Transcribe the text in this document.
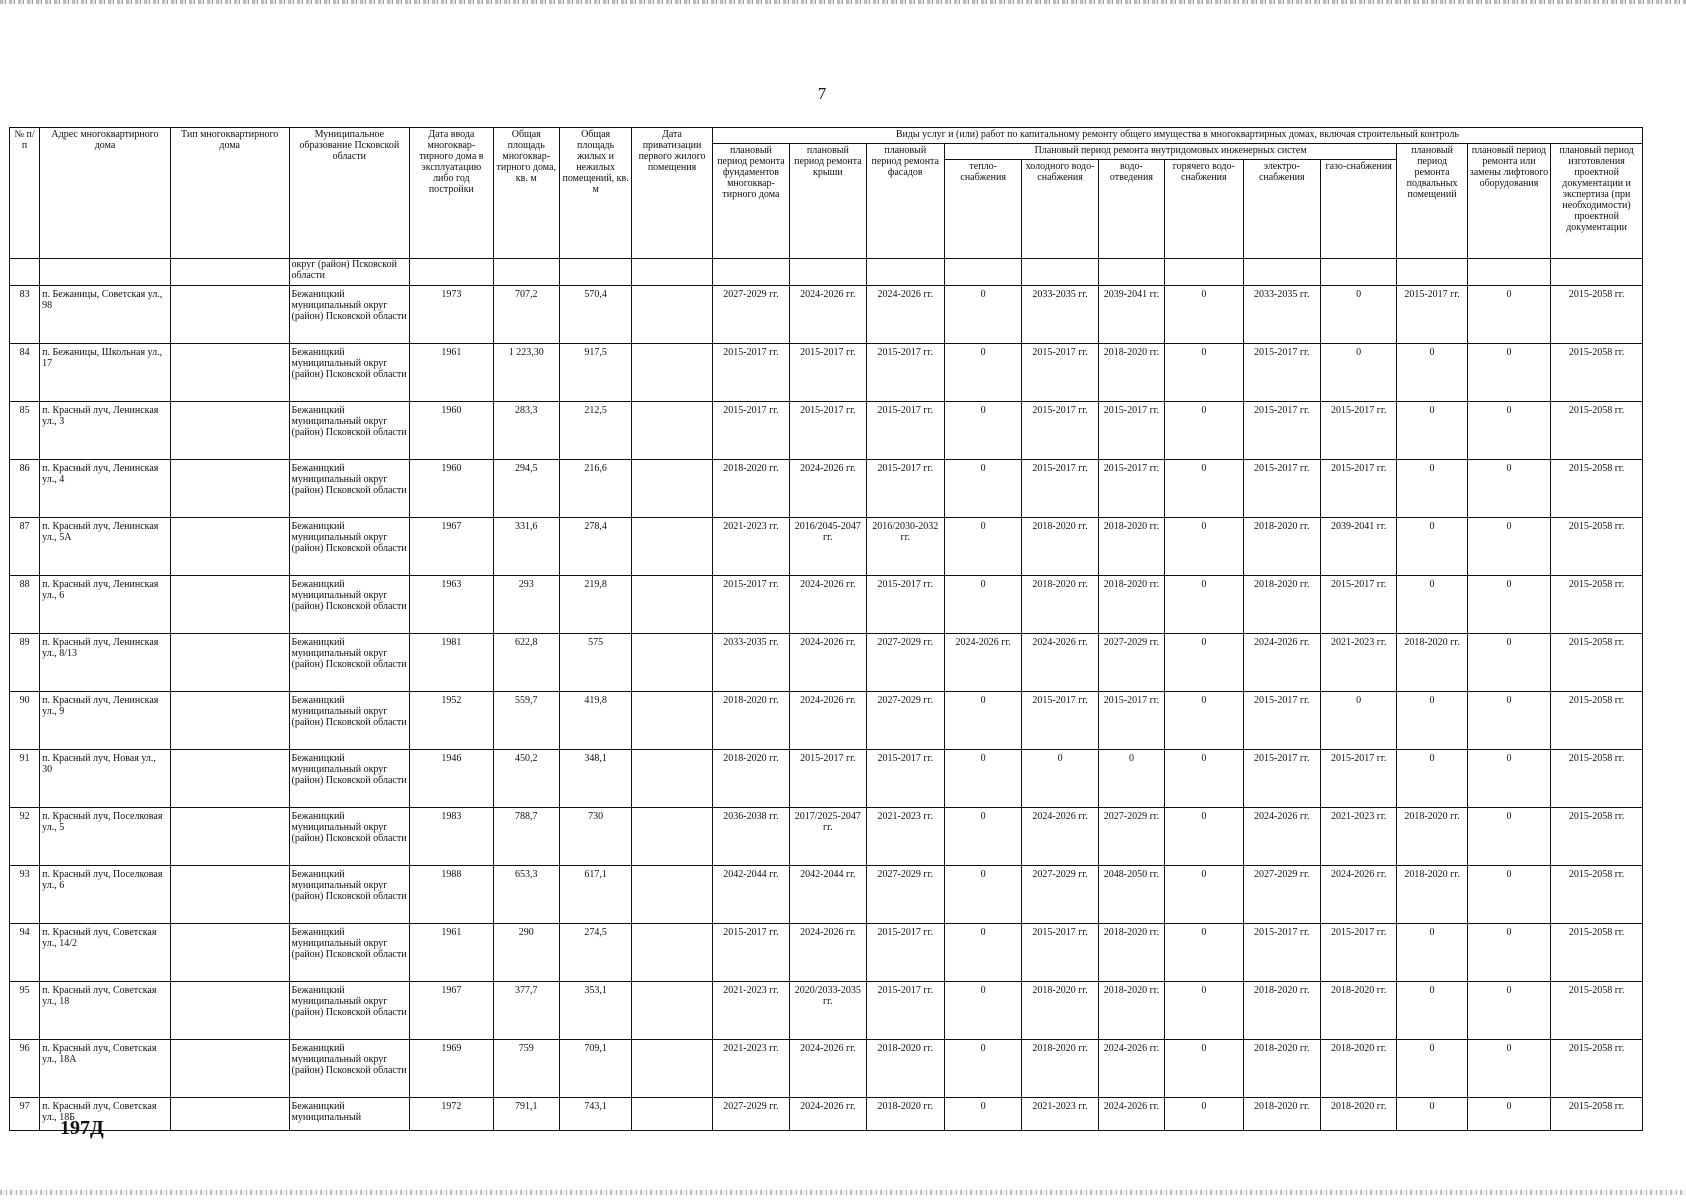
7
№ п/п	Адрес многоквартирного дома	Тип многоквартирного дома	Муниципальное образование Псковской области	Дата ввода многоквар-тирного дома в эксплуатацию либо год постройки	Общая площадь многоквар-тирного дома, кв. м	Общая площадь жилых и нежилых помещений, кв. м	Дата приватизации первого жилого помещения	Виды услуг и (или) работ по капитальному ремонту общего имущества в многоквартирных домах, включая строительный контроль											
								плановый период ремонта фундаментов многоквар-тирного дома	плановый период ремонта крыши	плановый период ремонта фасадов	Плановый период ремонта внутридомовых инженерных систем						плановый период ремонта подвальных помещений	плановый период ремонта или замены лифтового оборудования	плановый период изготовления проектной документации и экспертиза (при необходимости) проектной документации
											тепло-снабжения	холодного водо-снабжения	водо-отведения	горячего водо-снабжения	электро-снабжения	газо-снабжения			
			округ (район) Псковской области																
83	п. Бежаницы, Советская ул., 98		Бежаницкий муниципальный округ (район) Псковской области	1973	707,2	570,4		2027-2029 гг.	2024-2026 гг.	2024-2026 гг.	0	2033-2035 гг.	2039-2041 гг.	0	2033-2035 гг.	0	2015-2017 гг.	0	2015-2058 гг.
84	п. Бежаницы, Школьная ул., 17		Бежаницкий муниципальный округ (район) Псковской области	1961	1 223,30	917,5		2015-2017 гг.	2015-2017 гг.	2015-2017 гг.	0	2015-2017 гг.	2018-2020 гг.	0	2015-2017 гг.	0	0	0	2015-2058 гг.
85	п. Красный луч, Ленинская ул., 3		Бежаницкий муниципальный округ (район) Псковской области	1960	283,3	212,5		2015-2017 гг.	2015-2017 гг.	2015-2017 гг.	0	2015-2017 гг.	2015-2017 гг.	0	2015-2017 гг.	2015-2017 гг.	0	0	2015-2058 гг.
86	п. Красный луч, Ленинская ул., 4		Бежаницкий муниципальный округ (район) Псковской области	1960	294,5	216,6		2018-2020 гг.	2024-2026 гг.	2015-2017 гг.	0	2015-2017 гг.	2015-2017 гг.	0	2015-2017 гг.	2015-2017 гг.	0	0	2015-2058 гг.
87	п. Красный луч, Ленинская ул., 5А		Бежаницкий муниципальный округ (район) Псковской области	1967	331,6	278,4		2021-2023 гг.	2016/2045-2047 гг.	2016/2030-2032 гг.	0	2018-2020 гг.	2018-2020 гг.	0	2018-2020 гг.	2039-2041 гг.	0	0	2015-2058 гг.
88	п. Красный луч, Ленинская ул., 6		Бежаницкий муниципальный округ (район) Псковской области	1963	293	219,8		2015-2017 гг.	2024-2026 гг.	2015-2017 гг.	0	2018-2020 гг.	2018-2020 гг.	0	2018-2020 гг.	2015-2017 гг.	0	0	2015-2058 гг.
89	п. Красный луч, Ленинская ул., 8/13		Бежаницкий муниципальный округ (район) Псковской области	1981	622,8	575		2033-2035 гг.	2024-2026 гг.	2027-2029 гг.	2024-2026 гг.	2024-2026 гг.	2027-2029 гг.	0	2024-2026 гг.	2021-2023 гг.	2018-2020 гг.	0	2015-2058 гг.
90	п. Красный луч, Ленинская ул., 9		Бежаницкий муниципальный округ (район) Псковской области	1952	559,7	419,8		2018-2020 гг.	2024-2026 гг.	2027-2029 гг.	0	2015-2017 гг.	2015-2017 гг.	0	2015-2017 гг.	0	0	0	2015-2058 гг.
91	п. Красный луч, Новая ул., 30		Бежаницкий муниципальный округ (район) Псковской области	1946	450,2	348,1		2018-2020 гг.	2015-2017 гг.	2015-2017 гг.	0	0	0	0	2015-2017 гг.	2015-2017 гг.	0	0	2015-2058 гг.
92	п. Красный луч, Поселковая ул., 5		Бежаницкий муниципальный округ (район) Псковской области	1983	788,7	730		2036-2038 гг.	2017/2025-2047 гг.	2021-2023 гг.	0	2024-2026 гг.	2027-2029 гг.	0	2024-2026 гг.	2021-2023 гг.	2018-2020 гг.	0	2015-2058 гг.
93	п. Красный луч, Поселковая ул., 6		Бежаницкий муниципальный округ (район) Псковской области	1988	653,3	617,1		2042-2044 гг.	2042-2044 гг.	2027-2029 гг.	0	2027-2029 гг.	2048-2050 гг.	0	2027-2029 гг.	2024-2026 гг.	2018-2020 гг.	0	2015-2058 гг.
94	п. Красный луч, Советская ул., 14/2		Бежаницкий муниципальный округ (район) Псковской области	1961	290	274,5		2015-2017 гг.	2024-2026 гг.	2015-2017 гг.	0	2015-2017 гг.	2018-2020 гг.	0	2015-2017 гг.	2015-2017 гг.	0	0	2015-2058 гг.
95	п. Красный луч, Советская ул., 18		Бежаницкий муниципальный округ (район) Псковской области	1967	377,7	353,1		2021-2023 гг.	2020/2033-2035 гг.	2015-2017 гг.	0	2018-2020 гг.	2018-2020 гг.	0	2018-2020 гг.	2018-2020 гг.	0	0	2015-2058 гг.
96	п. Красный луч, Советская ул., 18А		Бежаницкий муниципальный округ (район) Псковской области	1969	759	709,1		2021-2023 гг.	2024-2026 гг.	2018-2020 гг.	0	2018-2020 гг.	2024-2026 гг.	0	2018-2020 гг.	2018-2020 гг.	0	0	2015-2058 гг.
97	п. Красный луч, Советская ул., 18Б		Бежаницкий муниципальный	1972	791,1	743,1		2027-2029 гг.	2024-2026 гг.	2018-2020 гг.	0	2021-2023 гг.	2024-2026 гг.	0	2018-2020 гг.	2018-2020 гг.	0	0	2015-2058 гг.
197Д
